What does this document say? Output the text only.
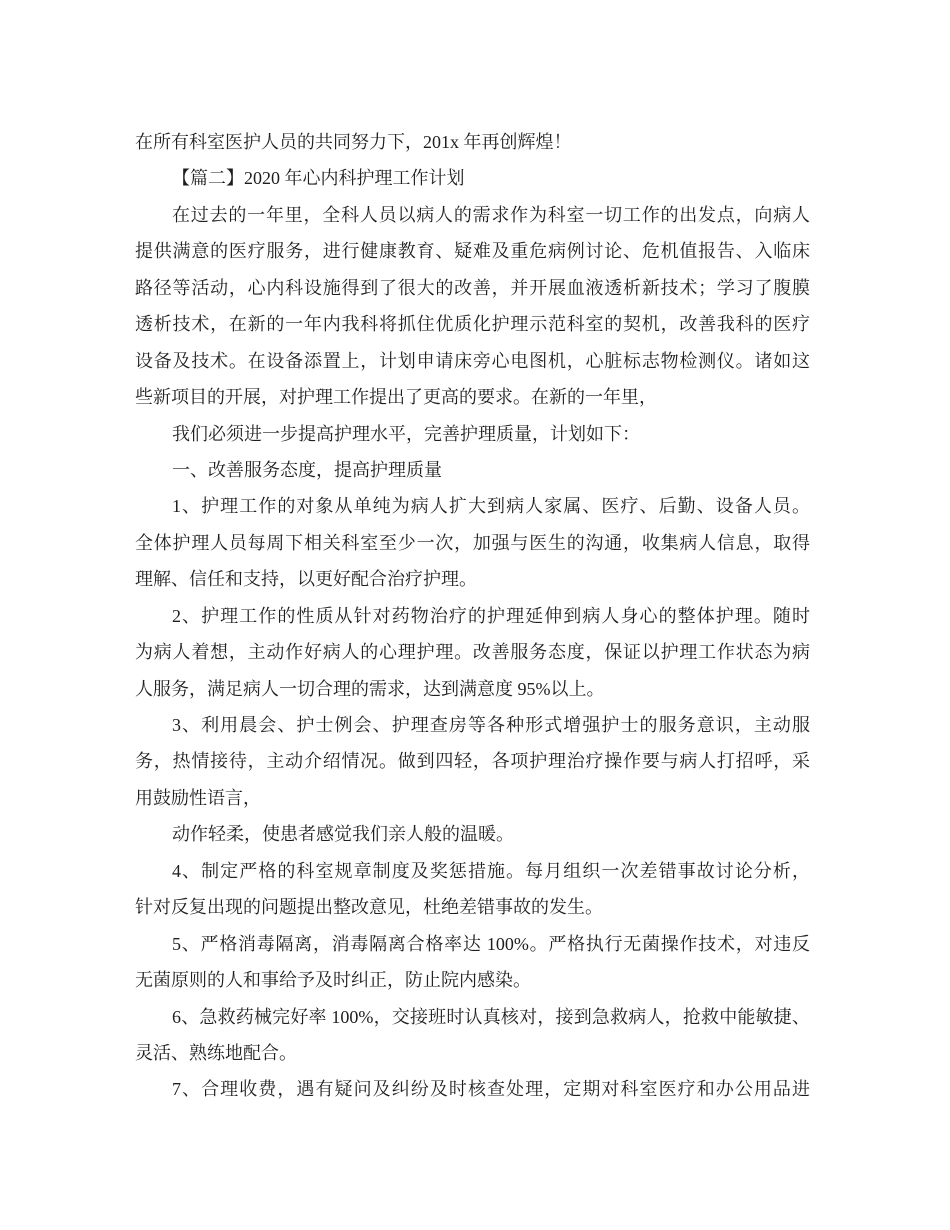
在所有科室医护人员的共同努力下，201x 年再创辉煌！
【篇二】2020 年心内科护理工作计划
在过去的一年里，全科人员以病人的需求作为科室一切工作的出发点，向病人
提供满意的医疗服务，进行健康教育、疑难及重危病例讨论、危机值报告、入临床
路径等活动，心内科设施得到了很大的改善，并开展血液透析新技术；学习了腹膜
透析技术，在新的一年内我科将抓住优质化护理示范科室的契机，改善我科的医疗
设备及技术。在设备添置上，计划申请床旁心电图机，心脏标志物检测仪。诸如这
些新项目的开展，对护理工作提出了更高的要求。在新的一年里，
我们必须进一步提高护理水平，完善护理质量，计划如下：
一、改善服务态度，提高护理质量
1、护理工作的对象从单纯为病人扩大到病人家属、医疗、后勤、设备人员。
全体护理人员每周下相关科室至少一次，加强与医生的沟通，收集病人信息，取得
理解、信任和支持，以更好配合治疗护理。
2、护理工作的性质从针对药物治疗的护理延伸到病人身心的整体护理。随时
为病人着想，主动作好病人的心理护理。改善服务态度，保证以护理工作状态为病
人服务，满足病人一切合理的需求，达到满意度 95%以上。
3、利用晨会、护士例会、护理查房等各种形式增强护士的服务意识，主动服
务，热情接待，主动介绍情况。做到四轻，各项护理治疗操作要与病人打招呼，采
用鼓励性语言，
动作轻柔，使患者感觉我们亲人般的温暖。
4、制定严格的科室规章制度及奖惩措施。每月组织一次差错事故讨论分析，
针对反复出现的问题提出整改意见，杜绝差错事故的发生。
5、严格消毒隔离，消毒隔离合格率达 100%。严格执行无菌操作技术，对违反
无菌原则的人和事给予及时纠正，防止院内感染。
6、急救药械完好率 100%，交接班时认真核对，接到急救病人，抢救中能敏捷、
灵活、熟练地配合。
7、合理收费，遇有疑问及纠纷及时核查处理，定期对科室医疗和办公用品进
